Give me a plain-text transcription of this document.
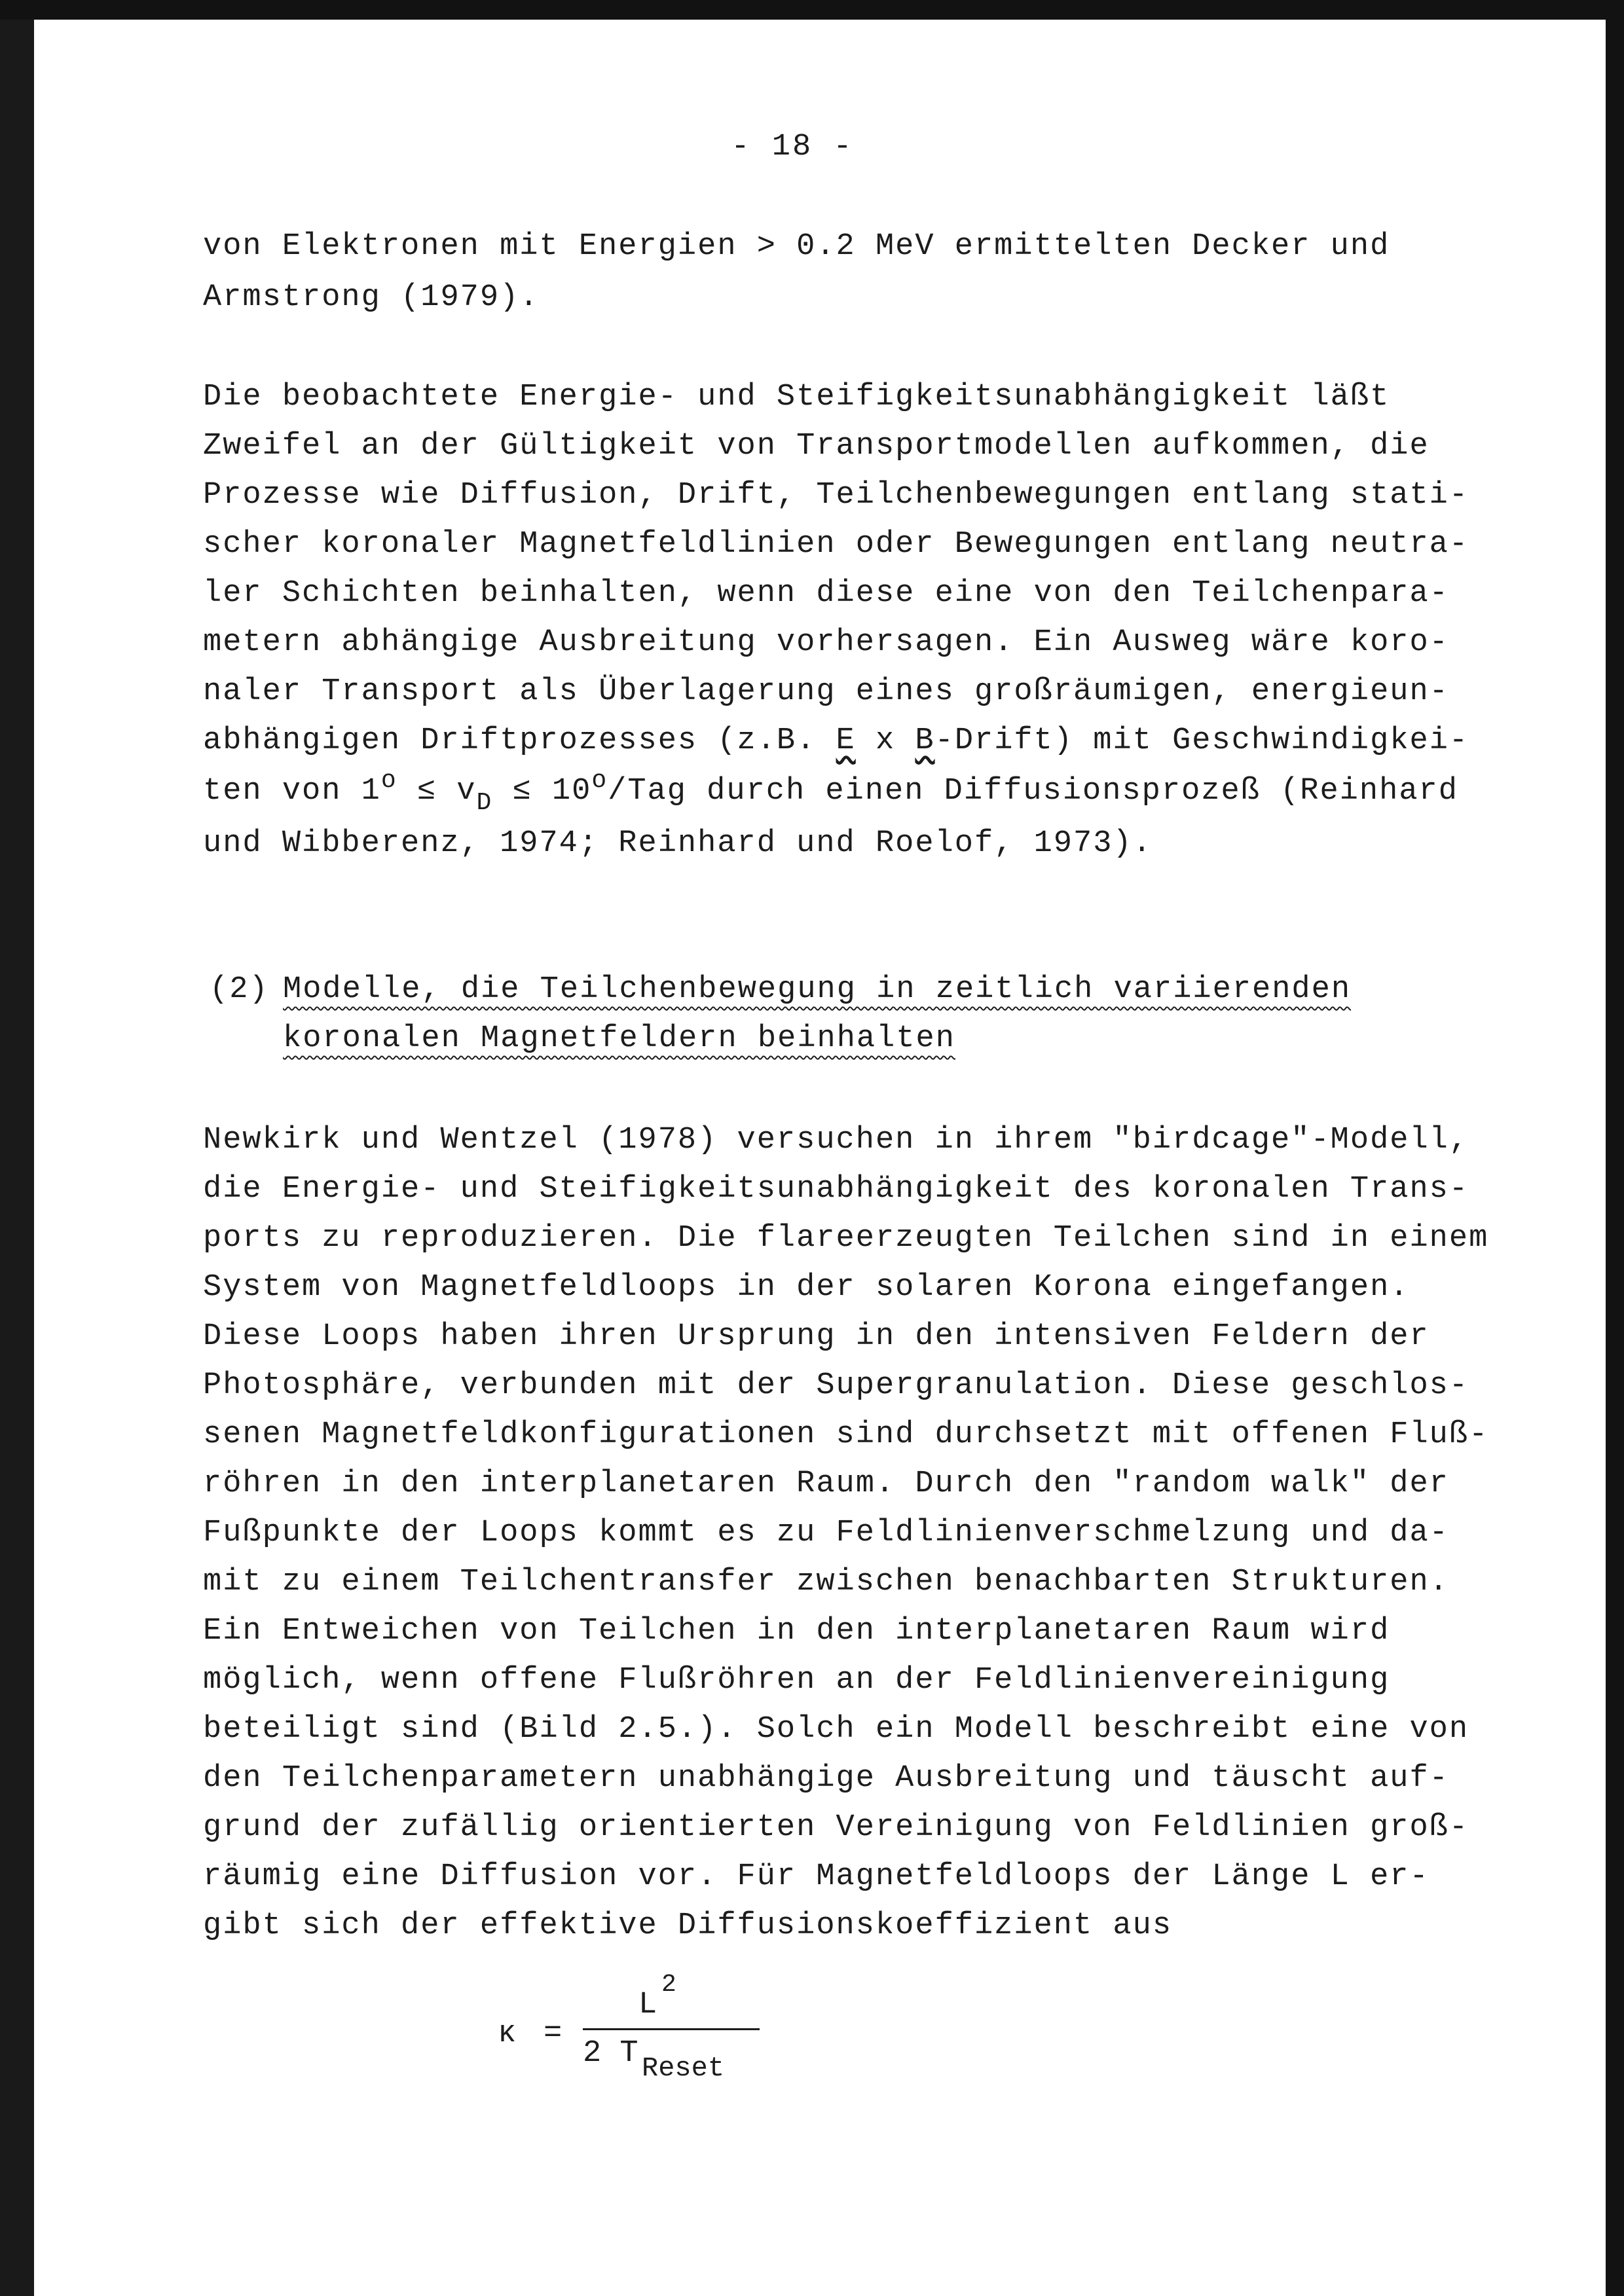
- 18 -
von Elektronen mit Energien > 0.2 MeV ermittelten Decker und
Armstrong (1979).
Die beobachtete Energie- und Steifigkeitsunabhängigkeit läßt
Zweifel an der Gültigkeit von Transportmodellen aufkommen, die
Prozesse wie Diffusion, Drift, Teilchenbewegungen entlang stati-
scher koronaler Magnetfeldlinien oder Bewegungen entlang neutra-
ler Schichten beinhalten, wenn diese eine von den Teilchenpara-
metern abhängige Ausbreitung vorhersagen. Ein Ausweg wäre koro-
naler Transport als Überlagerung eines großräumigen, energieun-
abhängigen Driftprozesses (z.B. E x B-Drift) mit Geschwindigkei-
ten von $1^o \le v_D \le 10^o/Tag$ durch einen Diffusionsprozeß (Reinhard
und Wibberenz, 1974; Reinhard und Roelof, 1973).
(2) Modelle, die Teilchenbewegung in zeitlich variierenden
koronalen Magnetfeldern beinhalten
Newkirk und Wentzel (1978) versuchen in ihrem "birdcage"-Modell,
die Energie- und Steifigkeitsunabhängigkeit des koronalen Trans-
ports zu reproduzieren. Die flareerzeugten Teilchen sind in einem
System von Magnetfeldloops in der solaren Korona eingefangen.
Diese Loops haben ihren Ursprung in den intensiven Feldern der
Photosphäre, verbunden mit der Supergranulation. Diese geschlos-
senen Magnetfeldkonfigurationen sind durchsetzt mit offenen Fluß-
röhren in den interplanetaren Raum. Durch den "random walk" der
Fußpunkte der Loops kommt es zu Feldlinienverschmelzung und da-
mit zu einem Teilchentransfer zwischen benachbarten Strukturen.
Ein Entweichen von Teilchen in den interplanetaren Raum wird
möglich, wenn offene Flußröhren an der Feldlinienvereinigung
beteiligt sind (Bild 2.5.). Solch ein Modell beschreibt eine von
den Teilchenparametern unabhängige Ausbreitung und täuscht auf-
grund der zufällig orientierten Vereinigung von Feldlinien groß-
räumig eine Diffusion vor. Für Magnetfeldloops der Länge L er-
gibt sich der effektive Diffusionskoeffizient aus
κ =
L
2
2 T Reset
